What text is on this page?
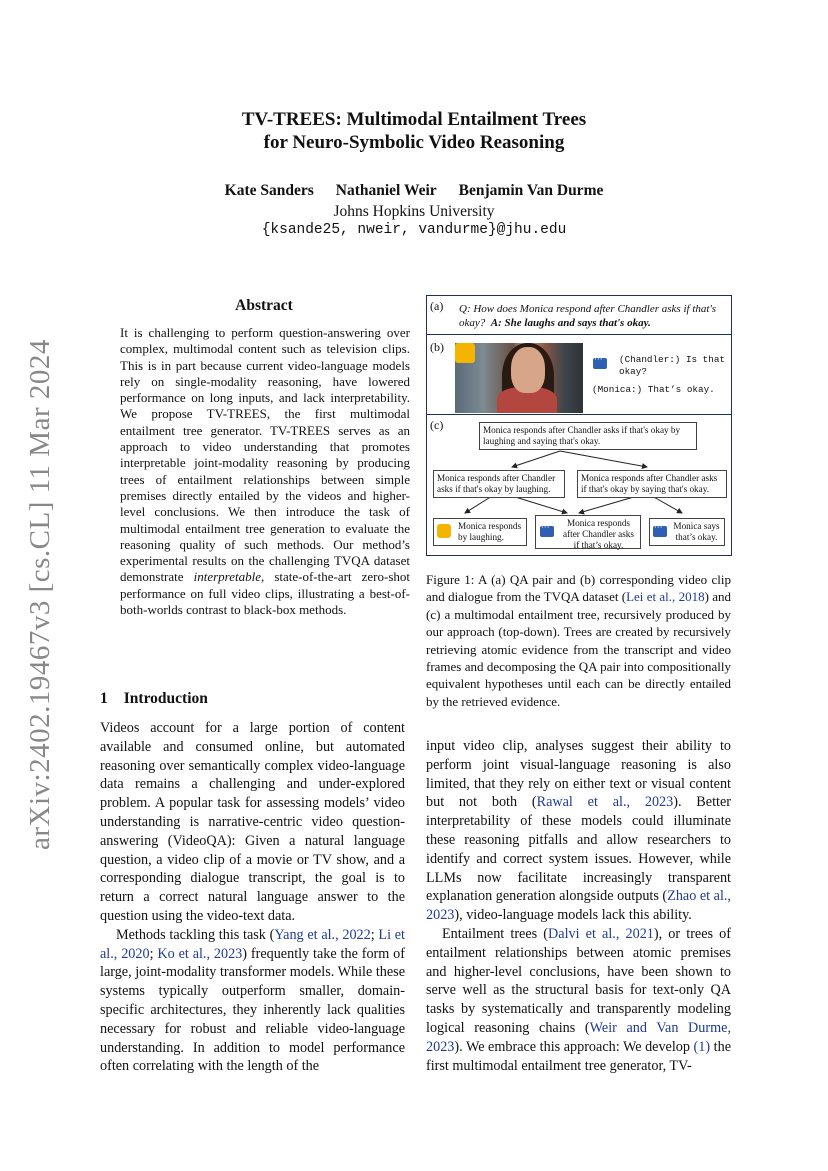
arXiv:2402.19467v3 [cs.CL] 11 Mar 2024
TV-TREES: Multimodal Entailment Trees
for Neuro-Symbolic Video Reasoning
Kate Sanders Nathaniel Weir Benjamin Van Durme
Johns Hopkins University
{ksande25, nweir, vandurme}@jhu.edu
Abstract
It is challenging to perform question-answering over complex, multimodal content such as television clips. This is in part because current video-language models rely on single-modality reasoning, have lowered performance on long inputs, and lack interpretability. We propose TV-TREES, the first multimodal entailment tree generator. TV-TREES serves as an approach to video understanding that promotes interpretable joint-modality reasoning by producing trees of entailment relationships between simple premises directly entailed by the videos and higher-level conclusions. We then introduce the task of multimodal entailment tree generation to evaluate the reasoning quality of such methods. Our method’s experimental results on the challenging TVQA dataset demonstrate interpretable, state-of-the-art zero-shot performance on full video clips, illustrating a best-of-both-worlds contrast to black-box methods.
(a) Q: How does Monica respond after Chandler asks if that's okay? A: She laughs and says that's okay.
(b)
···
(Chandler:) Is that okay?
(Monica:) That’s okay.
(c)	Monica responds after Chandler asks if that's okay by laughing and saying that's okay.
Monica responds after Chandler asks if that's okay by laughing.
Monica responds after Chandler asks if that's okay by saying that's okay.
Monica responds by laughing.
Monica responds after Chandler asks if that’s okay.
···
Monica says that’s okay.
···
Figure 1: A (a) QA pair and (b) corresponding video clip and dialogue from the TVQA dataset (Lei et al., 2018) and (c) a multimodal entailment tree, recursively produced by our approach (top-down). Trees are created by recursively retrieving atomic evidence from the transcript and video frames and decomposing the QA pair into compositionally equivalent hypotheses until each can be directly entailed by the retrieved evidence.
1 Introduction

Videos account for a large portion of content available and consumed online, but automated reasoning over semantically complex video-language data remains a challenging and under-explored problem. A popular task for assessing models’ video understanding is narrative-centric video question-answering (VideoQA): Given a natural language question, a video clip of a movie or TV show, and a corresponding dialogue transcript, the goal is to return a correct natural language answer to the question using the video-text data.

Methods tackling this task (Yang et al., 2022; Li et al., 2020; Ko et al., 2023) frequently take the form of large, joint-modality transformer models. While these systems typically outperform smaller, domain-specific architectures, they inherently lack qualities necessary for robust and reliable video-language understanding. In addition to model performance often correlating with the length of the

input video clip, analyses suggest their ability to perform joint visual-language reasoning is also limited, that they rely on either text or visual content but not both (Rawal et al., 2023). Better interpretability of these models could illuminate these reasoning pitfalls and allow researchers to identify and correct system issues. However, while LLMs now facilitate increasingly transparent explanation generation alongside outputs (Zhao et al., 2023), video-language models lack this ability.

Entailment trees (Dalvi et al., 2021), or trees of entailment relationships between atomic premises and higher-level conclusions, have been shown to serve well as the structural basis for text-only QA tasks by systematically and transparently modeling logical reasoning chains (Weir and Van Durme, 2023). We embrace this approach: We develop (1) the first multimodal entailment tree generator, TV-
